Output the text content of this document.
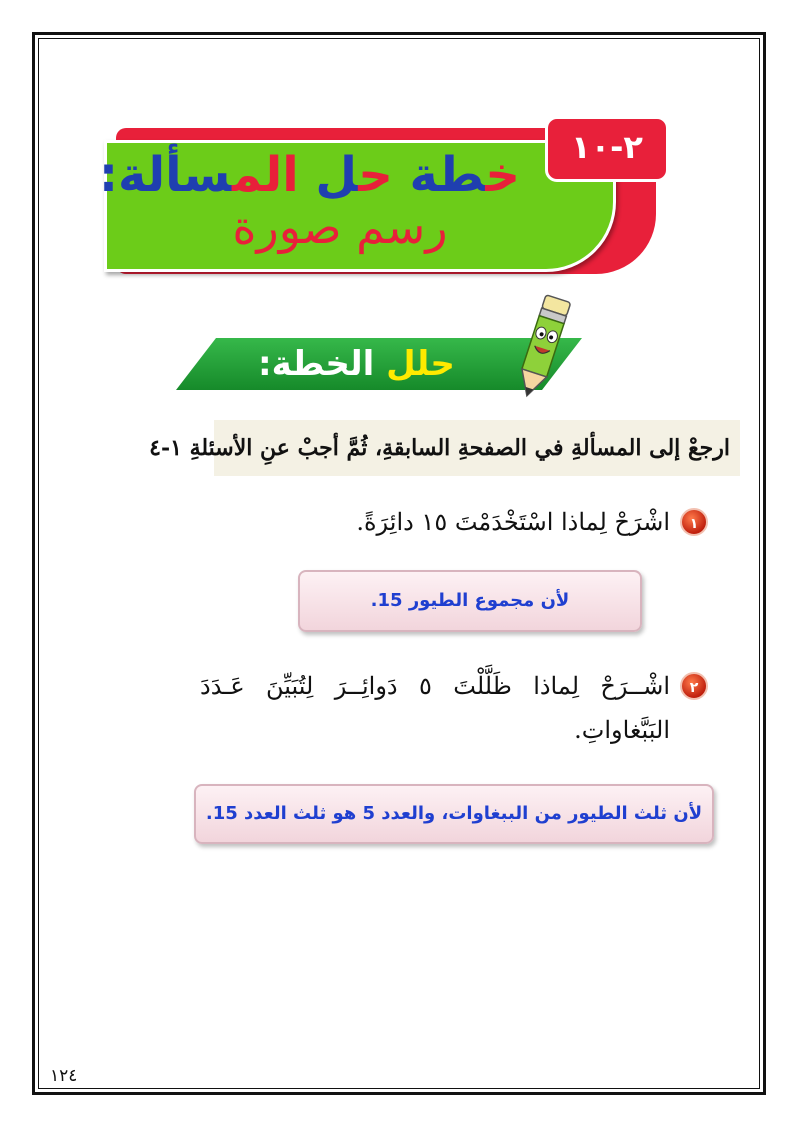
٢-١٠
خطة حل المسألة:
رسم صورة
حلل الخطة:
ارجعْ إلى المسألةِ في الصفحةِ السابقةِ، ثُمَّ أجبْ عنِ الأسئلةِ ١-٤
١
اشْرَحْ لِماذا اسْتَخْدَمْتَ ١٥ دائِرَةً.
لأن مجموع الطيور 15.
٢
اشْــرَحْ لِماذا ظَلَّلْتَ ٥ دَوائِــرَ لِتُبَيِّنَ عَـدَدَ البَبَّغاواتِ.
لأن ثلث الطيور من الببغاوات، والعدد 5 هو ثلث العدد 15.
١٢٤
